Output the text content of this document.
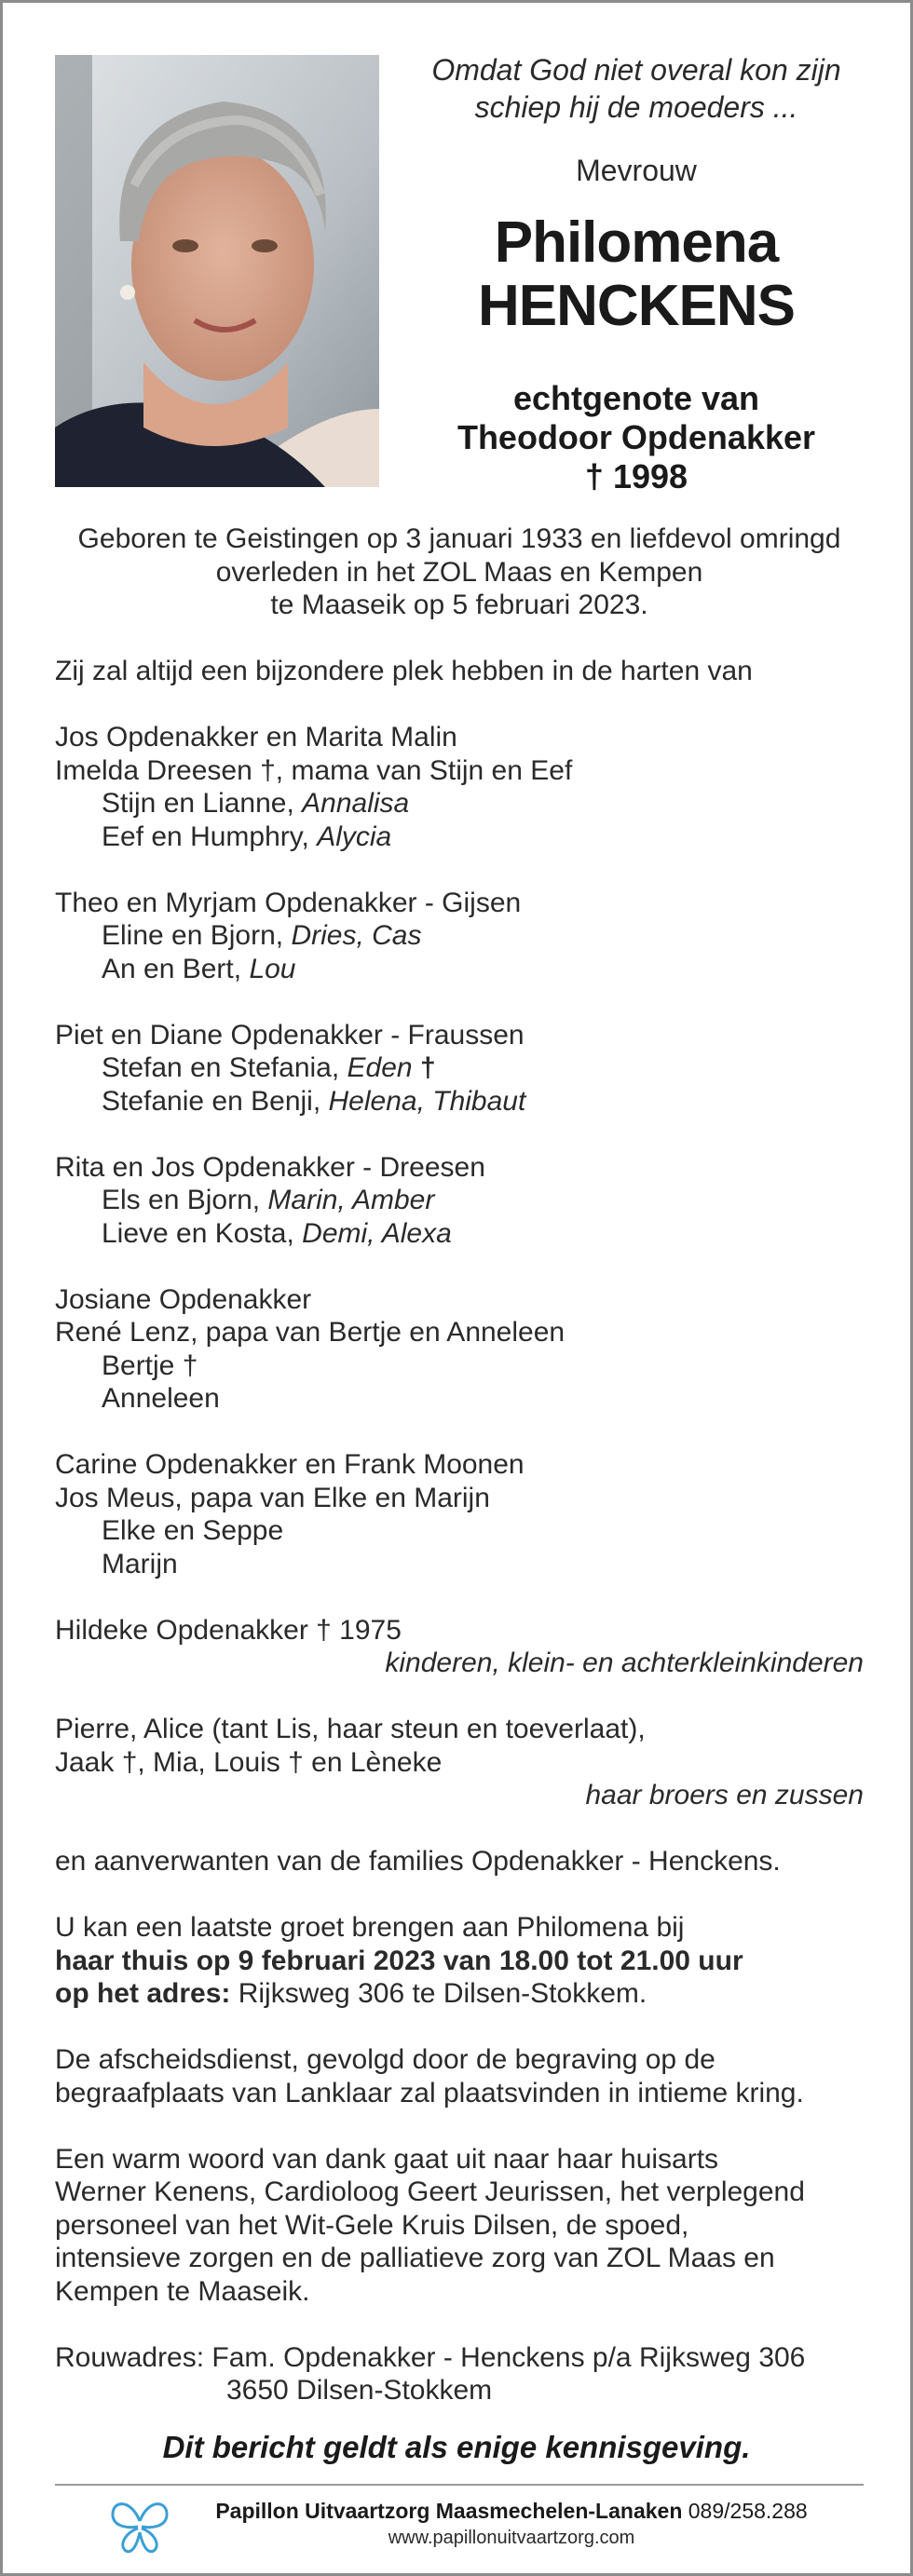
Omdat God niet overal kon zijn
schiep hij de moeders ...
Mevrouw
Philomena
HENCKENS
echtgenote van
Theodoor Opdenakker
† 1998

Geboren te Geistingen op 3 januari 1933 en liefdevol omringd

overleden in het ZOL Maas en Kempen

te Maaseik op 5 februari 2023.

Zij zal altijd een bijzondere plek hebben in de harten van

Jos Opdenakker en Marita Malin

Imelda Dreesen †, mama van Stijn en Eef

Stijn en Lianne, Annalisa

Eef en Humphry, Alycia

Theo en Myrjam Opdenakker - Gijsen

Eline en Bjorn, Dries, Cas

An en Bert, Lou

Piet en Diane Opdenakker - Fraussen

Stefan en Stefania, Eden †

Stefanie en Benji, Helena, Thibaut

Rita en Jos Opdenakker - Dreesen

Els en Bjorn, Marin, Amber

Lieve en Kosta, Demi, Alexa

Josiane Opdenakker

René Lenz, papa van Bertje en Anneleen

Bertje †

Anneleen

Carine Opdenakker en Frank Moonen

Jos Meus, papa van Elke en Marijn

Elke en Seppe

Marijn

Hildeke Opdenakker † 1975

kinderen, klein- en achterkleinkinderen

Pierre, Alice (tant Lis, haar steun en toeverlaat),

Jaak †, Mia, Louis † en Lèneke

haar broers en zussen

en aanverwanten van de families Opdenakker - Henckens.

U kan een laatste groet brengen aan Philomena bij

haar thuis op 9 februari 2023 van 18.00 tot 21.00 uur

op het adres: Rijksweg 306 te Dilsen-Stokkem.

De afscheidsdienst, gevolgd door de begraving op de

begraafplaats van Lanklaar zal plaatsvinden in intieme kring.

Een warm woord van dank gaat uit naar haar huisarts

Werner Kenens, Cardioloog Geert Jeurissen, het verplegend

personeel van het Wit-Gele Kruis Dilsen, de spoed,

intensieve zorgen en de palliatieve zorg van ZOL Maas en

Kempen te Maaseik.

Rouwadres: Fam. Opdenakker - Henckens p/a Rijksweg 306

3650 Dilsen-Stokkem

Dit bericht geldt als enige kennisgeving.
Papillon Uitvaartzorg Maasmechelen-Lanaken 089/258.288
www.papillonuitvaartzorg.com
